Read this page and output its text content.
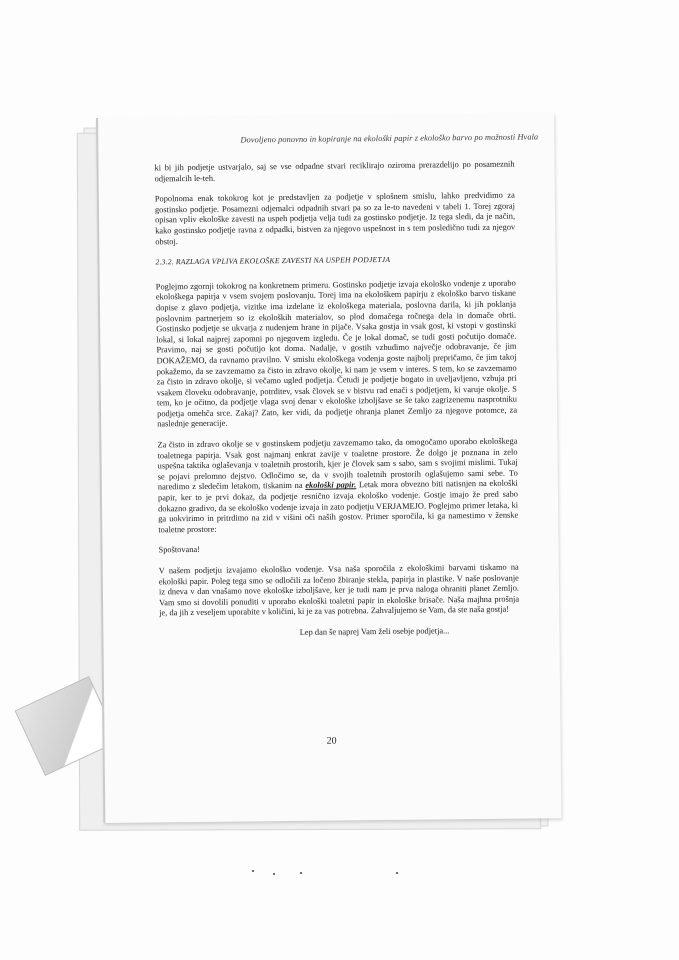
Dovoljeno ponovno in kopiranje na ekološki papir z ekološko barvo po možnosti Hvala

ki bi jih podjetje ustvarjalo, saj se vse odpadne stvari reciklirajo oziroma prerazdelijo po posameznih odjemalcih le-teh.

Popolnoma enak tokokrog kot je predstavljen za podjetje v splošnem smislu, lahko predvidimo za gostinsko podjetje. Posamezni odjemalci odpadnih stvari pa so za le-to navedeni v tabeli 1. Torej zgoraj opisan vpliv ekološke zavesti na uspeh podjetja velja tudi za gostinsko podjetje. Iz tega sledi, da je način, kako gostinsko podjetje ravna z odpadki, bistven za njegovo uspešnost in s tem posledično tudi za njegov obstoj.

2.3.2. RAZLAGA VPLIVA EKOLOŠKE ZAVESTI NA USPEH PODJETJA

Poglejmo zgornji tokokrog na konkretnem primeru. Gostinsko podjetje izvaja ekološko vodenje z uporabo ekološkega papirja v vsem svojem poslovanju. Torej ima na ekološkem papirju z ekološko barvo tiskane dopise z glavo podjetja, vizitke ima izdelane iz ekološkega materiala, poslovna darila, ki jih poklanja poslovnim partnerjem so iz ekoloških materialov, so plod domačega ročnega dela in domače obrti. Gostinsko podjetje se ukvarja z nudenjem hrane in pijače. Vsaka gostja in vsak gost, ki vstopi v gostinski lokal, si lokal najprej zapomni po njegovem izgledu. Če je lokal domač, se tudi gosti počutijo domače. Pravimo, naj se gosti počutijo kot doma. Nadalje, v gostih vzbudimo največje odobravanje, če jim DOKAŽEMO, da ravnamo pravilno. V smislu ekološkega vodenja goste najbolj prepričamo, če jim takoj pokažemo, da se zavzemamo za čisto in zdravo okolje, ki nam je vsem v interes. S tem, ko se zavzemamo za čisto in zdravo okolje, si večamo ugled podjetja. Četudi je podjetje bogato in uveljavljeno, vzbuja pri vsakem človeku odobravanje, potrditev, vsak človek se v bistvu rad enači s podjetjem, ki varuje okolje. S tem, ko je očitno, da podjetje vlaga svoj denar v ekološke izboljšave se še tako zagrizenemu nasprotniku podjetja omehča srce. Zakaj? Zato, ker vidi, da podjetje ohranja planet Zemljo za njegove potomce, za naslednje generacije.

Za čisto in zdravo okolje se v gostinskem podjetju zavzemamo tako, da omogočamo uporabo ekološkega toaletnega papirja. Vsak gost najmanj enkrat zavije v toaletne prostore. Že dolgo je poznana in zelo uspešna taktika oglaševanja v toaletnih prostorih, kjer je človek sam s sabo, sam s svojimi mislimi. Tukaj se pojavi prelomno dejstvo. Odločimo se, da v svojih toaletnih prostorih oglašujemo sami sebe. To naredimo z sledečim letakom, tiskanim na ekološki papir. Letak mora obvezno biti natisnjen na ekološki papir, ker to je prvi dokaz, da podjetje resnično izvaja ekološko vodenje. Gostje imajo že pred sabo dokazno gradivo, da se ekološko vodenje izvaja in zato podjetju VERJAMEJO. Poglejmo primer letaka, ki ga uokvirimo in pritrdimo na zid v višini oči naših gostov. Primer sporočila, ki ga namestimo v ženske toaletne prostore:

Spoštovana!

V našem podjetju izvajamo ekološko vodenje. Vsa naša sporočila z ekološkimi barvami tiskamo na ekološki papir. Poleg tega smo se odločili za ločeno žbiranje stekla, papirja in plastike. V naše poslovanje iz dneva v dan vnašamo nove ekološke izboljšave, ker je tudi nam je prva naloga ohraniti planet Zemljo. Vam smo si dovolili ponuditi v uporabo ekološki toaletni papir in ekološke brisače. Naša majhna prošnja je, da jih z veseljem uporabite v količini, ki je za vas potrebna. Zahvaljujemo se Vam, da ste naša gostja!

Lep dan še naprej Vam želi osebje podjetja...

20
